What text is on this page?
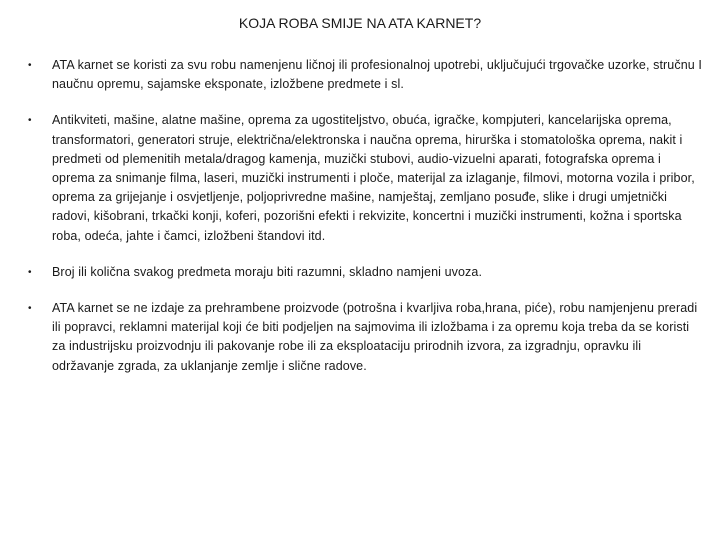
KOJA ROBA SMIJE NA ATA KARNET?
• ATA karnet se koristi za svu robu namenjenu ličnoj ili profesionalnoj upotrebi, uključujući trgovačke uzorke, stručnu I naučnu opremu, sajamske eksponate, izložbene predmete i sl.
• Antikviteti, mašine, alatne mašine, oprema za ugostiteljstvo, obuća, igračke, kompjuteri, kancelarijska oprema, transformatori, generatori struje, električna/elektronska i naučna oprema, hirurška i stomatološka oprema, nakit i predmeti od plemenitih metala/dragog kamenja, muzički stubovi, audio-vizuelni aparati, fotografska oprema i oprema za snimanje filma, laseri, muzički instrumenti i ploče, materijal za izlaganje, filmovi, motorna vozila i pribor, oprema za grijejanje i osvjetljenje, poljoprivredne mašine, namještaj, zemljano posuđe, slike i drugi umjetnički radovi, kišobrani, trkački konji, koferi, pozorišni efekti i rekvizite, koncertni i muzički instrumenti, kožna i sportska roba, odeća, jahte i čamci, izložbeni štandovi itd.
• Broj ili količna svakog predmeta moraju biti razumni, skladno namjeni uvoza.
• ATA karnet se ne izdaje za prehrambene proizvode (potrošna i kvarljiva roba,hrana, piće), robu namjenjenu preradi ili popravci, reklamni materijal koji će biti podjeljen na sajmovima ili izložbama i za opremu koja treba da se koristi za industrijsku proizvodnju ili pakovanje robe ili za eksploataciju prirodnih izvora, za izgradnju, opravku ili održavanje zgrada, za uklanjanje zemlje i slične radove.
